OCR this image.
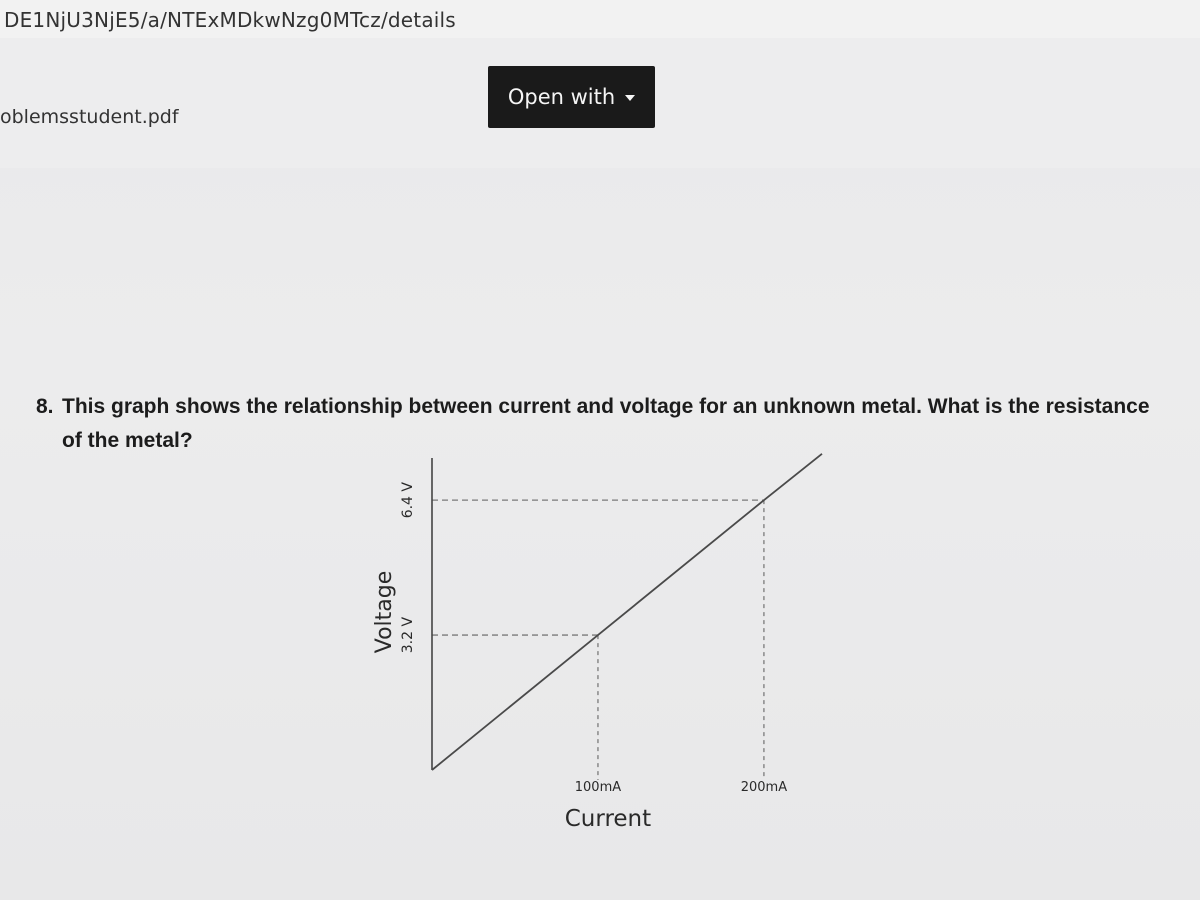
DE1NjU3NjE5/a/NTExMDkwNzg0MTcz/details
oblemsstudent.pdf
Open with
8. This graph shows the relationship between current and voltage for an unknown metal. What is the resistance
of the metal?
100mA	200mA
3.2 V
6.4 V
Current
Voltage
